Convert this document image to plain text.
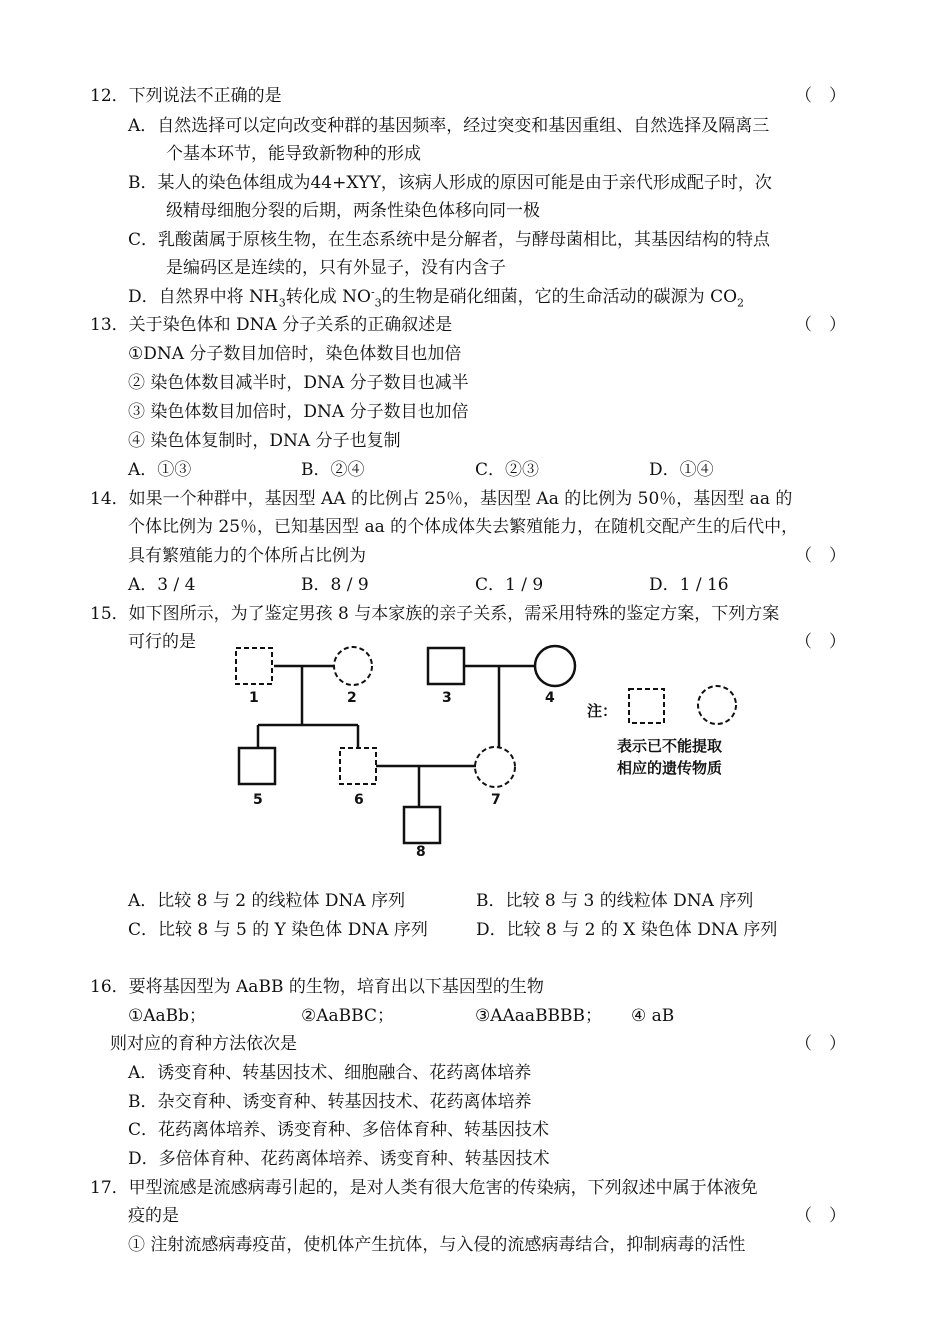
12．下列说法不正确的是	（　）
A．自然选择可以定向改变种群的基因频率，经过突变和基因重组、自然选择及隔离三
个基本环节，能导致新物种的形成
B．某人的染色体组成为44+XYY，该病人形成的原因可能是由于亲代形成配子时，次
级精母细胞分裂的后期，两条性染色体移向同一极
C．乳酸菌属于原核生物，在生态系统中是分解者，与酵母菌相比，其基因结构的特点
是编码区是连续的，只有外显子，没有内含子
D．自然界中将 $NH_3$转化成 $NO^-_3$的生物是硝化细菌，它的生命活动的碳源为 $CO_2$
13．关于染色体和 DNA 分子关系的正确叙述是	（　）
①DNA 分子数目加倍时，染色体数目也加倍
② 染色体数目减半时，DNA 分子数目也减半
③ 染色体数目加倍时，DNA 分子数目也加倍
④ 染色体复制时，DNA 分子也复制
A．①③	B．②④	C．②③	D．①④
14．如果一个种群中，基因型 AA 的比例占 25％，基因型 Aa 的比例为 50％，基因型 aa 的
个体比例为 25％，已知基因型 aa 的个体成体失去繁殖能力，在随机交配产生的后代中，
具有繁殖能力的个体所占比例为	（　）
A．3 / 4	B．8 / 9	C．1 / 9	D．1 / 16
15．如下图所示，为了鉴定男孩 8 与本家族的亲子关系，需采用特殊的鉴定方案，下列方案
可行的是	（　）
1	2	3	4
5	6	7
8
注：
表示已不能提取
相应的遗传物质
A．比较 8 与 2 的线粒体 DNA 序列	B．比较 8 与 3 的线粒体 DNA 序列
C．比较 8 与 5 的 Y 染色体 DNA 序列	D．比较 8 与 2 的 X 染色体 DNA 序列
16．要将基因型为 AaBB 的生物，培育出以下基因型的生物
①AaBb；	②AaBBC；	③AAaaBBBB； ④ aB
则对应的育种方法依次是	（　）
A．诱变育种、转基因技术、细胞融合、花药离体培养
B．杂交育种、诱变育种、转基因技术、花药离体培养
C．花药离体培养、诱变育种、多倍体育种、转基因技术
D．多倍体育种、花药离体培养、诱变育种、转基因技术
17．甲型流感是流感病毒引起的，是对人类有很大危害的传染病，下列叙述中属于体液免
疫的是	（　）
① 注射流感病毒疫苗，使机体产生抗体，与入侵的流感病毒结合，抑制病毒的活性
